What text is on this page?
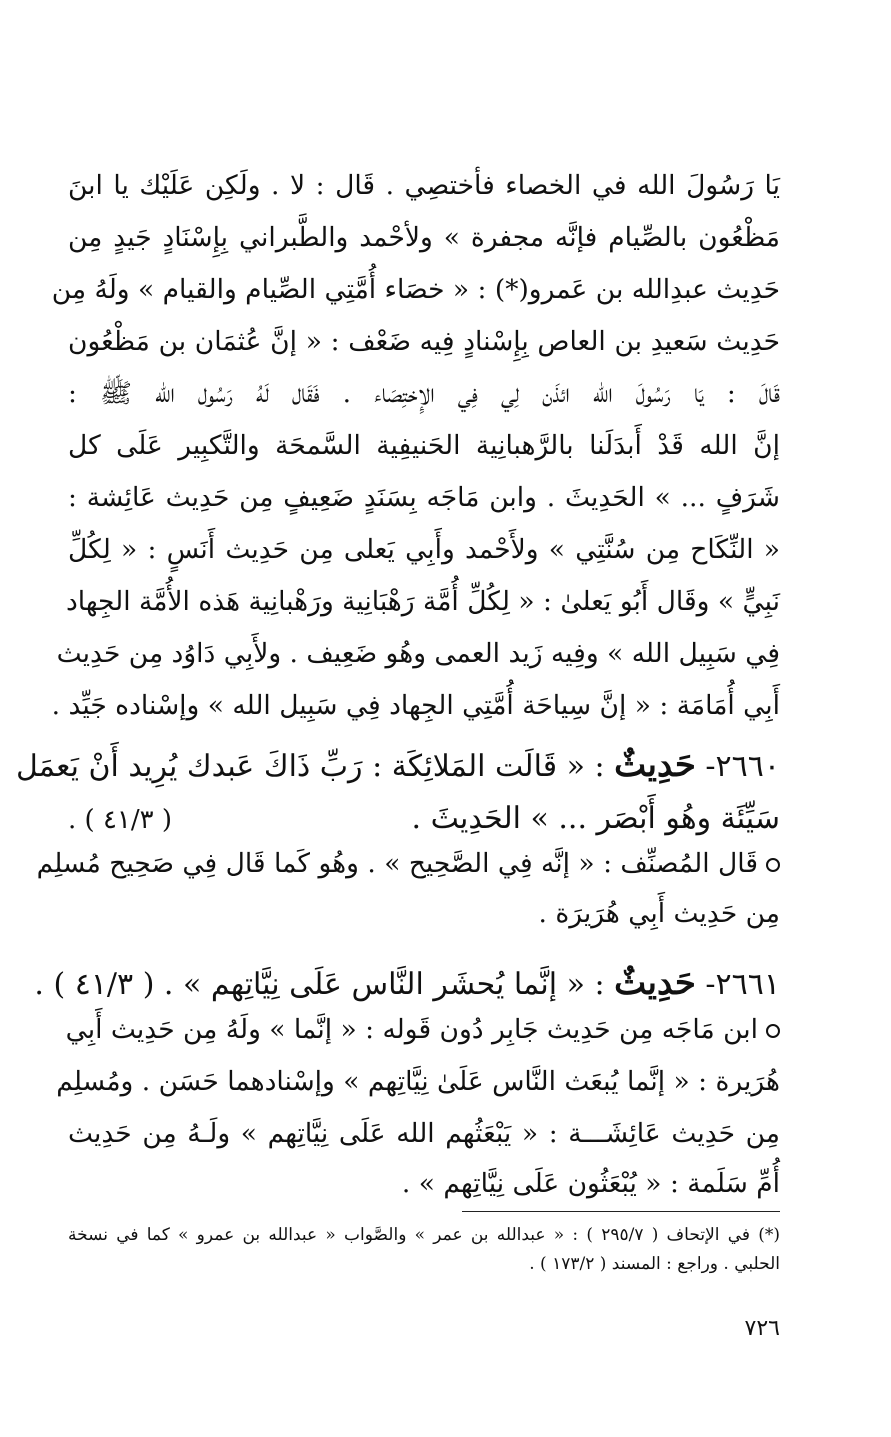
يَا رَسُولَ الله في الخصاء فأختصِي . قَال : لا . ولَكِن عَلَيْك يا ابنَ
مَظْعُون بالصِّيام فإنَّه مجفرة » ولأحْمد والطَّبراني بِإِسْنَادٍ جَيدٍ مِن
حَدِيث عبدِالله بن عَمرو(*) : « خصَاء أُمَّتِي الصِّيام والقيام » ولَهُ مِن
حَدِيث سَعيدِ بن العاص بِإِسْنادٍ فِيه ضَعْف : « إنَّ عُثمَان بن مَظْعُون
قَالَ : يَا رَسُولَ الله ائذَن لِي فِي الإِختِصَاء . فَقَال لَهُ رَسُول الله ﷺ :
إنَّ الله قَدْ أَبدَلَنا بالرَّهبانِية الحَنيفِية السَّمحَة والتَّكبِير عَلَى كل
شَرَفٍ ... » الحَدِيثَ . وابن مَاجَه بِسَنَدٍ ضَعِيفٍ مِن حَدِيث عَائِشة :
« النِّكَاح مِن سُنَّتِي » ولأَحْمد وأَبِي يَعلى مِن حَدِيث أَنَسٍ : « لِكُلِّ
نَبِيٍّ » وقَال أَبُو يَعلىٰ : « لِكُلِّ أُمَّة رَهْبَانِية ورَهْبانِية هَذه الأُمَّة الجِهاد
فِي سَبِيل الله » وفِيه زَيد العمى وهُو ضَعِيف . ولأَبِي دَاوُد مِن حَدِيث
أَبِي أُمَامَة : « إنَّ سِياحَة أُمَّتِي الجِهاد فِي سَبِيل الله » وإسْناده جَيِّد .
٢٦٦٠- حَدِيثٌ : « قَالَت المَلائِكَة : رَبِّ ذَاكَ عَبدك يُرِيد أَنْ يَعمَل
سَيِّئَة وهُو أَبْصَر ... » الحَدِيثَ .
( ٤١/٣ ) .
قَال المُصنِّف : « إنَّه فِي الصَّحِيح » . وهُو كَما قَال فِي صَحِيح مُسلِم
مِن حَدِيث أَبِي هُرَيرَة .
٢٦٦١- حَدِيثٌ : « إنَّما يُحشَر النَّاس عَلَى نِيَّاتِهم » . ( ٤١/٣ ) .
ابن مَاجَه مِن حَدِيث جَابِر دُون قَوله : « إنَّما » ولَهُ مِن حَدِيث أَبِي
هُرَيرة : « إنَّما يُبعَث النَّاس عَلَىٰ نِيَّاتِهم » وإسْنادهما حَسَن . ومُسلِم
مِن حَدِيث عَائِشَـــة : « يَبْعَثُهم الله عَلَى نِيَّاتِهم » ولَـهُ مِن حَدِيث
أُمِّ سَلَمة : « يُبْعَثُون عَلَى نِيَّاتِهم » .
(*) في الإتحاف ( ٢٩٥/٧ ) : « عبدالله بن عمر » والصَّواب « عبدالله بن عمرو » كما في نسخة
الحلبي . وراجع : المسند ( ١٧٣/٢ ) .
٧٢٦
